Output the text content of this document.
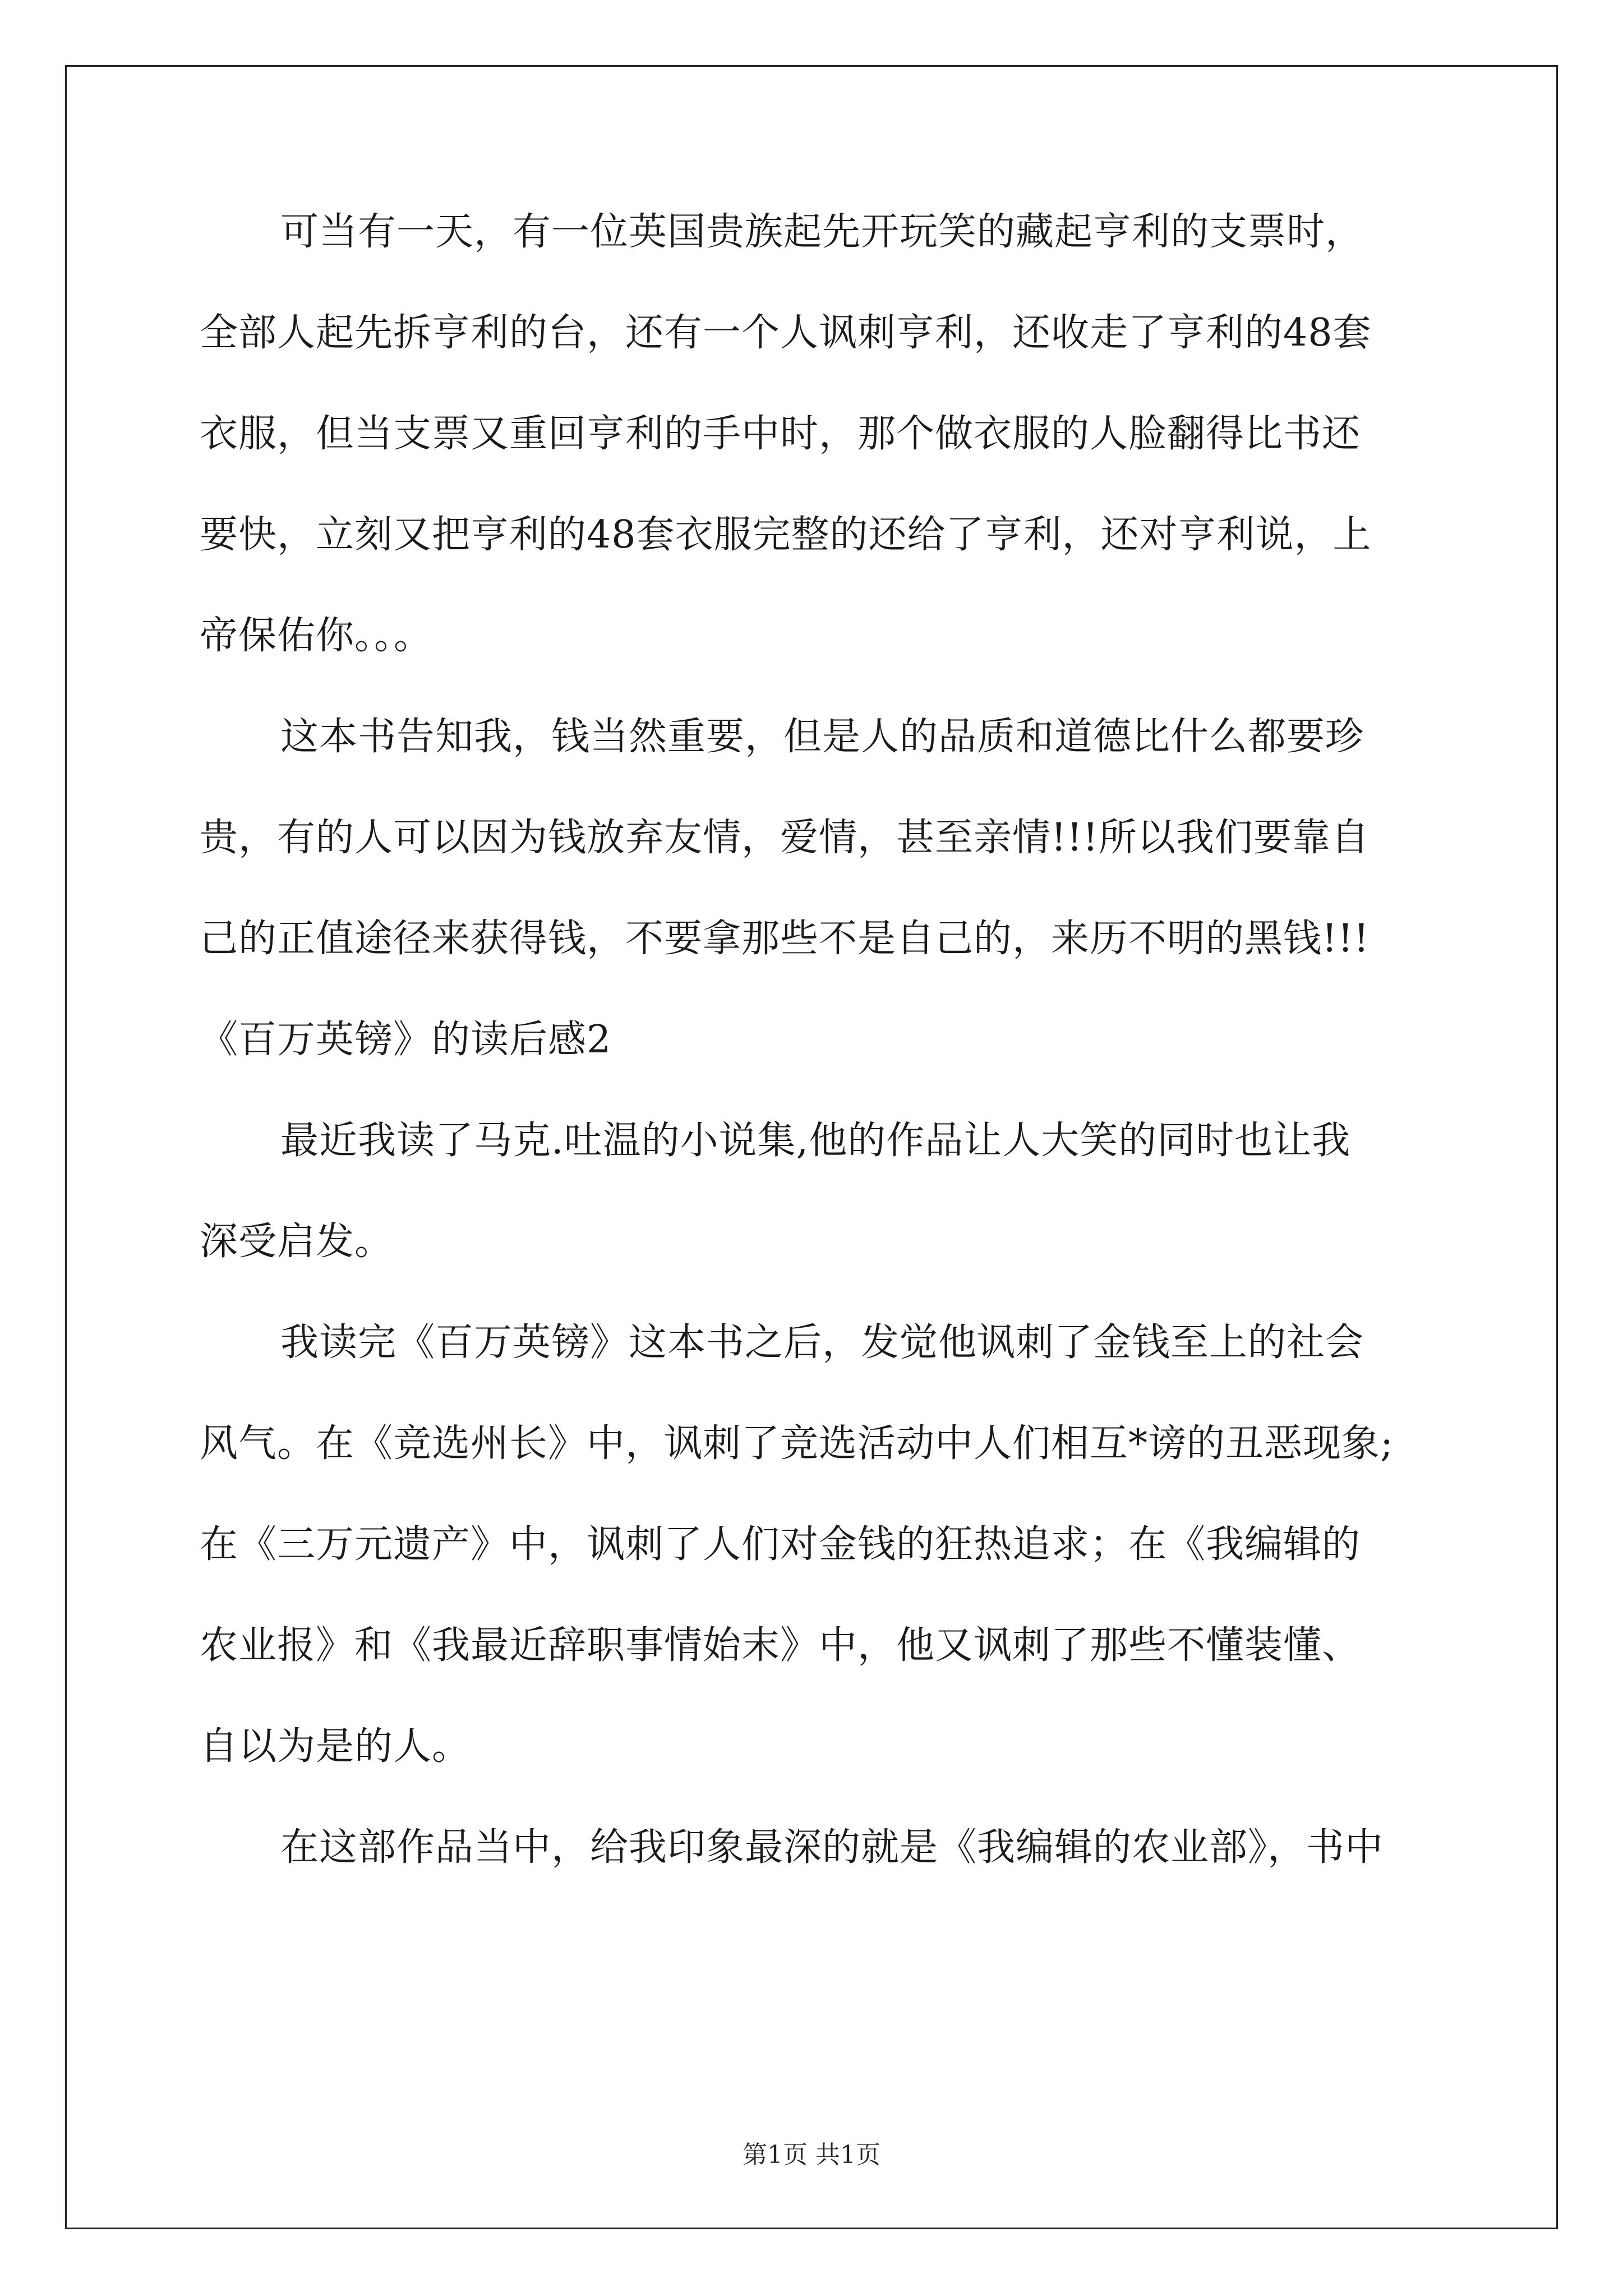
可当有一天，有一位英国贵族起先开玩笑的藏起亨利的支票时，
全部人起先拆亨利的台，还有一个人讽刺亨利，还收走了亨利的48套
衣服，但当支票又重回亨利的手中时，那个做衣服的人脸翻得比书还
要快，立刻又把亨利的48套衣服完整的还给了亨利，还对亨利说，上
帝保佑你。。。
这本书告知我，钱当然重要，但是人的品质和道德比什么都要珍
贵，有的人可以因为钱放弃友情，爱情，甚至亲情!!!所以我们要靠自
己的正值途径来获得钱，不要拿那些不是自己的，来历不明的黑钱!!!
《百万英镑》的读后感2
最近我读了马克.吐温的小说集,他的作品让人大笑的同时也让我
深受启发。
我读完《百万英镑》这本书之后，发觉他讽刺了金钱至上的社会
风气。在《竞选州长》中，讽刺了竞选活动中人们相互*谤的丑恶现象;
在《三万元遗产》中，讽刺了人们对金钱的狂热追求；在《我编辑的
农业报》和《我最近辞职事情始末》中，他又讽刺了那些不懂装懂、
自以为是的人。
在这部作品当中，给我印象最深的就是《我编辑的农业部》，书中
第1页 共1页
